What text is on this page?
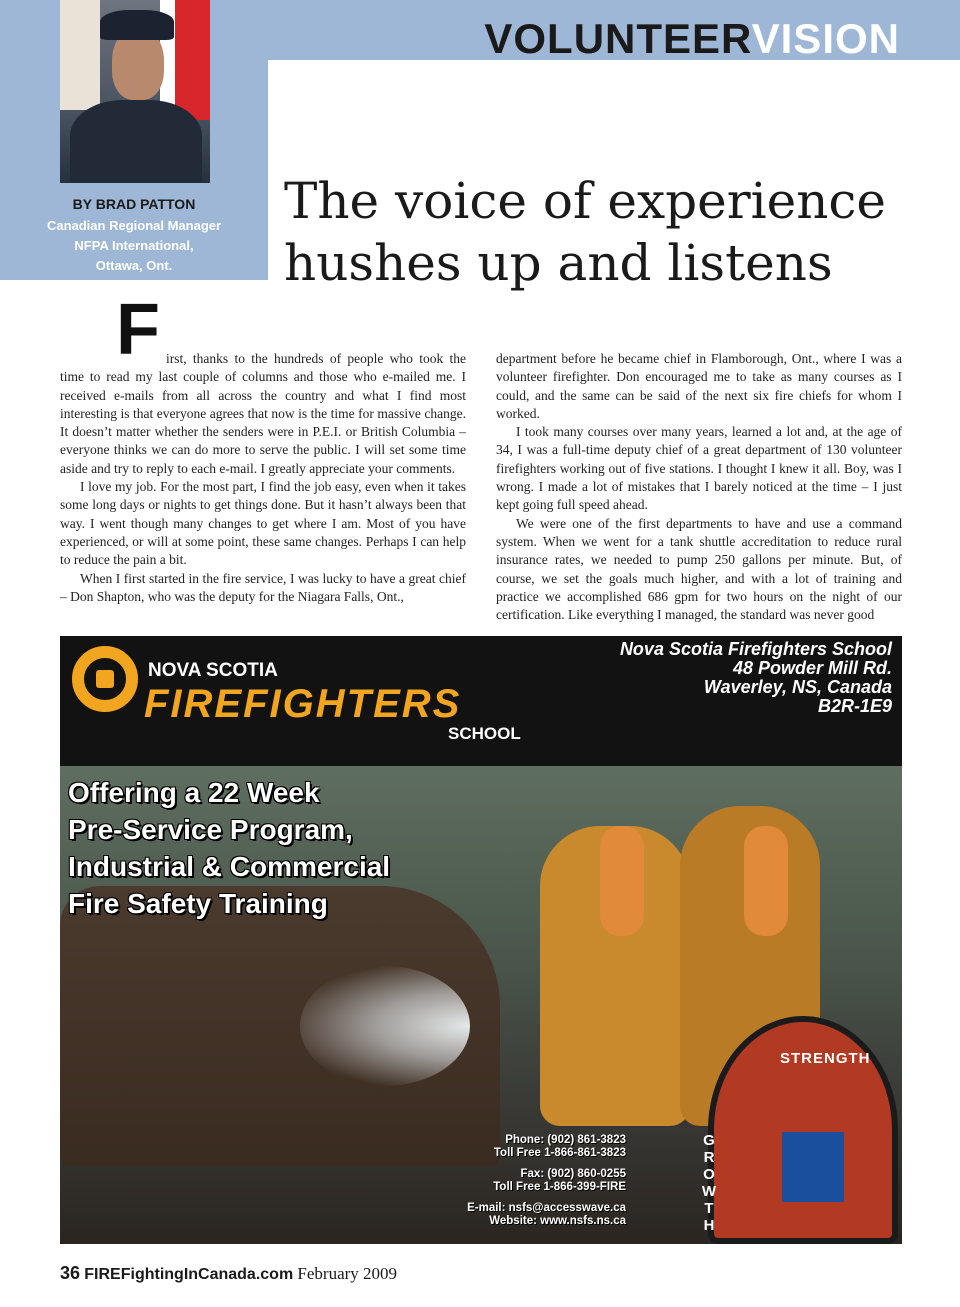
VOLUNTEERVISION
BY BRAD PATTON
Canadian Regional Manager
NFPA International,
Ottawa, Ont.
The voice of experience hushes up and listens

First, thanks to the hundreds of people who took the time to read my last couple of columns and those who e-mailed me. I received e-mails from all across the country and what I find most interesting is that everyone agrees that now is the time for massive change. It doesn’t matter whether the senders were in P.E.I. or British Columbia – everyone thinks we can do more to serve the public. I will set some time aside and try to reply to each e-mail. I greatly appreciate your comments.

I love my job. For the most part, I find the job easy, even when it takes some long days or nights to get things done. But it hasn’t always been that way. I went though many changes to get where I am. Most of you have experienced, or will at some point, these same changes. Perhaps I can help to reduce the pain a bit.

When I first started in the fire service, I was lucky to have a great chief – Don Shapton, who was the deputy for the Niagara Falls, Ont.,

department before he became chief in Flamborough, Ont., where I was a volunteer firefighter. Don encouraged me to take as many courses as I could, and the same can be said of the next six fire chiefs for whom I worked.

I took many courses over many years, learned a lot and, at the age of 34, I was a full-time deputy chief of a great department of 130 volunteer firefighters working out of five stations. I thought I knew it all. Boy, was I wrong. I made a lot of mistakes that I barely noticed at the time – I just kept going full speed ahead.

We were one of the first departments to have and use a command system. When we went for a tank shuttle accreditation to reduce rural insurance rates, we needed to pump 250 gallons per minute. But, of course, we set the goals much higher, and with a lot of training and practice we accomplished 686 gpm for two hours on the night of our certification. Like everything I managed, the standard was never good

NOVA SCOTIA
FIREFIGHTERS
SCHOOL
Nova Scotia Firefighters School
48 Powder Mill Rd.
Waverley, NS, Canada
B2R-1E9
Offering a 22 Week
Pre-Service Program,
Industrial & Commercial
Fire Safety Training
STRENGTH
G
R
O
W
T
H
Phone: (902) 861-3823
Toll Free 1-866-861-3823
Fax: (902) 860-0255
Toll Free 1-866-399-FIRE
E-mail: nsfs@accesswave.ca
Website: www.nsfs.ns.ca
36 FIREFightingInCanada.com February 2009
